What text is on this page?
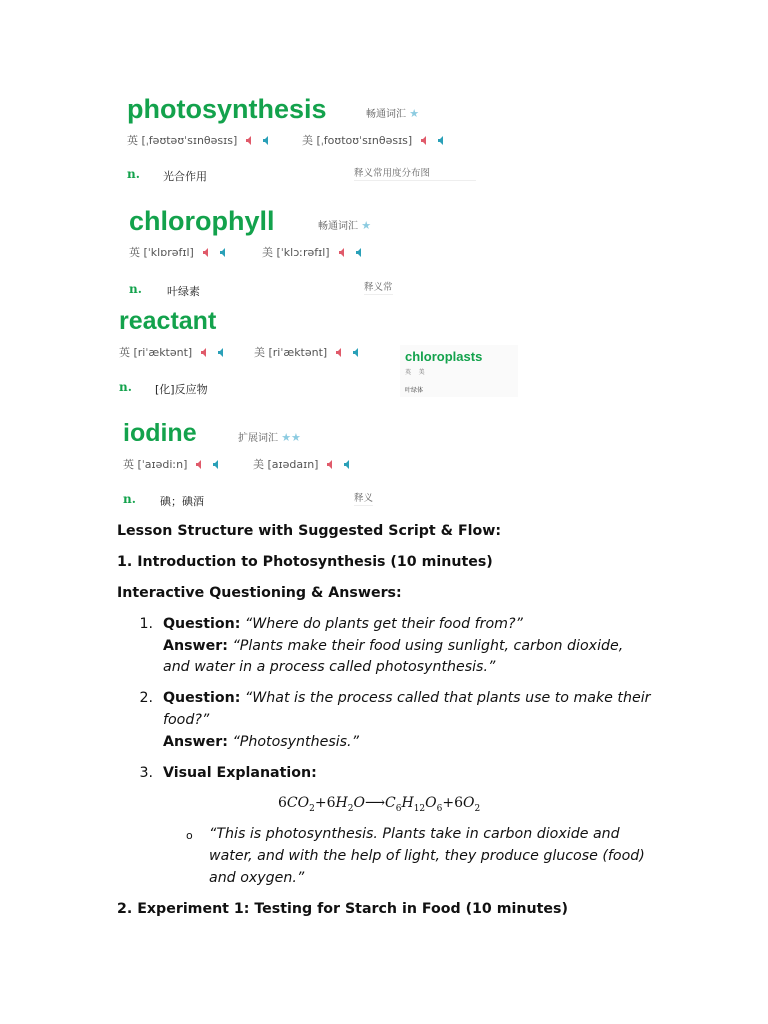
photosynthesis	畅通词汇 ★
英 [ˌfəʊtəʊˈsɪnθəsɪs]	美 [ˌfoʊtoʊˈsɪnθəsɪs]
n. 光合作用	释义常用度分布图
chlorophyll	畅通词汇 ★
英 [ˈklɒrəfɪl]	美 [ˈklɔːrəfɪl]
n. 叶绿素	释义常
reactant
英 [riˈæktənt]	美 [riˈæktənt]
n. [化]反应物
chloroplasts
英 美
叶绿体
iodine	扩展词汇 ★★
英 [ˈaɪədiːn]	美 [aɪədaɪn]
n. 碘；碘酒	释义
Lesson Structure with Suggested Script & Flow:
1. Introduction to Photosynthesis (10 minutes)
Interactive Questioning & Answers:
1. Question: “Where do plants get their food from?”
Answer: “Plants make their food using sunlight, carbon dioxide,
and water in a process called photosynthesis.”
2. Question: “What is the process called that plants use to make their
food?”
Answer: “Photosynthesis.”
3. Visual Explanation:
$6CO_2+6H_2O⟶C_6H_{12}O_6+6O_2$
o “This is photosynthesis. Plants take in carbon dioxide and
water, and with the help of light, they produce glucose (food)
and oxygen.”
2. Experiment 1: Testing for Starch in Food (10 minutes)
